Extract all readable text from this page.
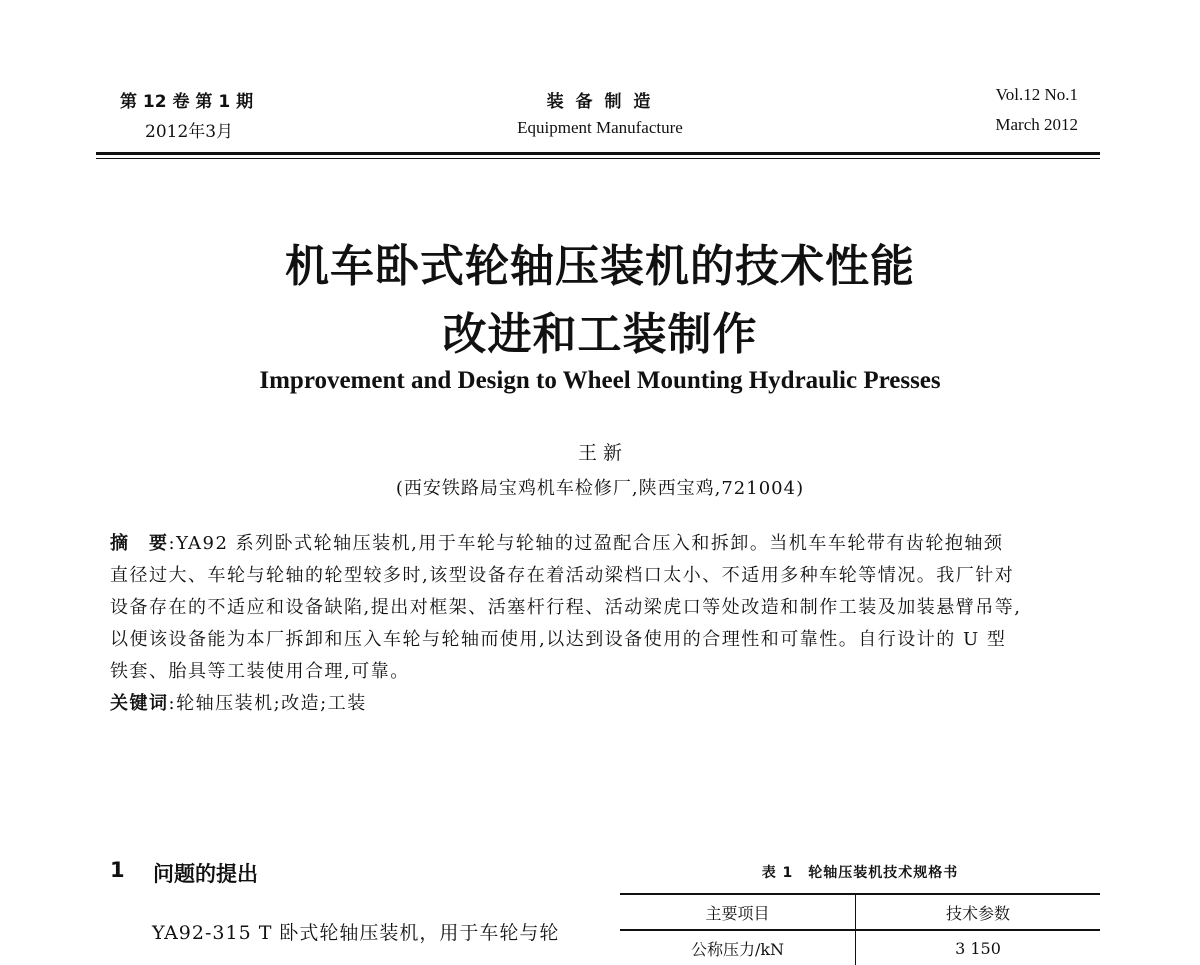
第 12 卷 第 1 期
2012年3月
装 备 制 造
Equipment Manufacture
Vol.12 No.1
March 2012
机车卧式轮轴压装机的技术性能
改进和工装制作
Improvement and Design to Wheel Mounting Hydraulic Presses
王 新
(西安铁路局宝鸡机车检修厂,陕西宝鸡,721004)
摘　要:YA92 系列卧式轮轴压装机,用于车轮与轮轴的过盈配合压入和拆卸。当机车车轮带有齿轮抱轴颈
直径过大、车轮与轮轴的轮型较多时,该型设备存在着活动梁档口太小、不适用多种车轮等情况。我厂针对
设备存在的不适应和设备缺陷,提出对框架、活塞杆行程、活动梁虎口等处改造和制作工装及加装悬臂吊等,
以便该设备能为本厂拆卸和压入车轮与轮轴而使用,以达到设备使用的合理性和可靠性。自行设计的 U 型
铁套、胎具等工装使用合理,可靠。
关键词:轮轴压装机;改造;工装
1 问题的提出
YA92-315 T 卧式轮轴压装机，用于车轮与轮
表 1　轮轴压装机技术规格书
主要项目	技术参数
公称压力/kN	3 150
